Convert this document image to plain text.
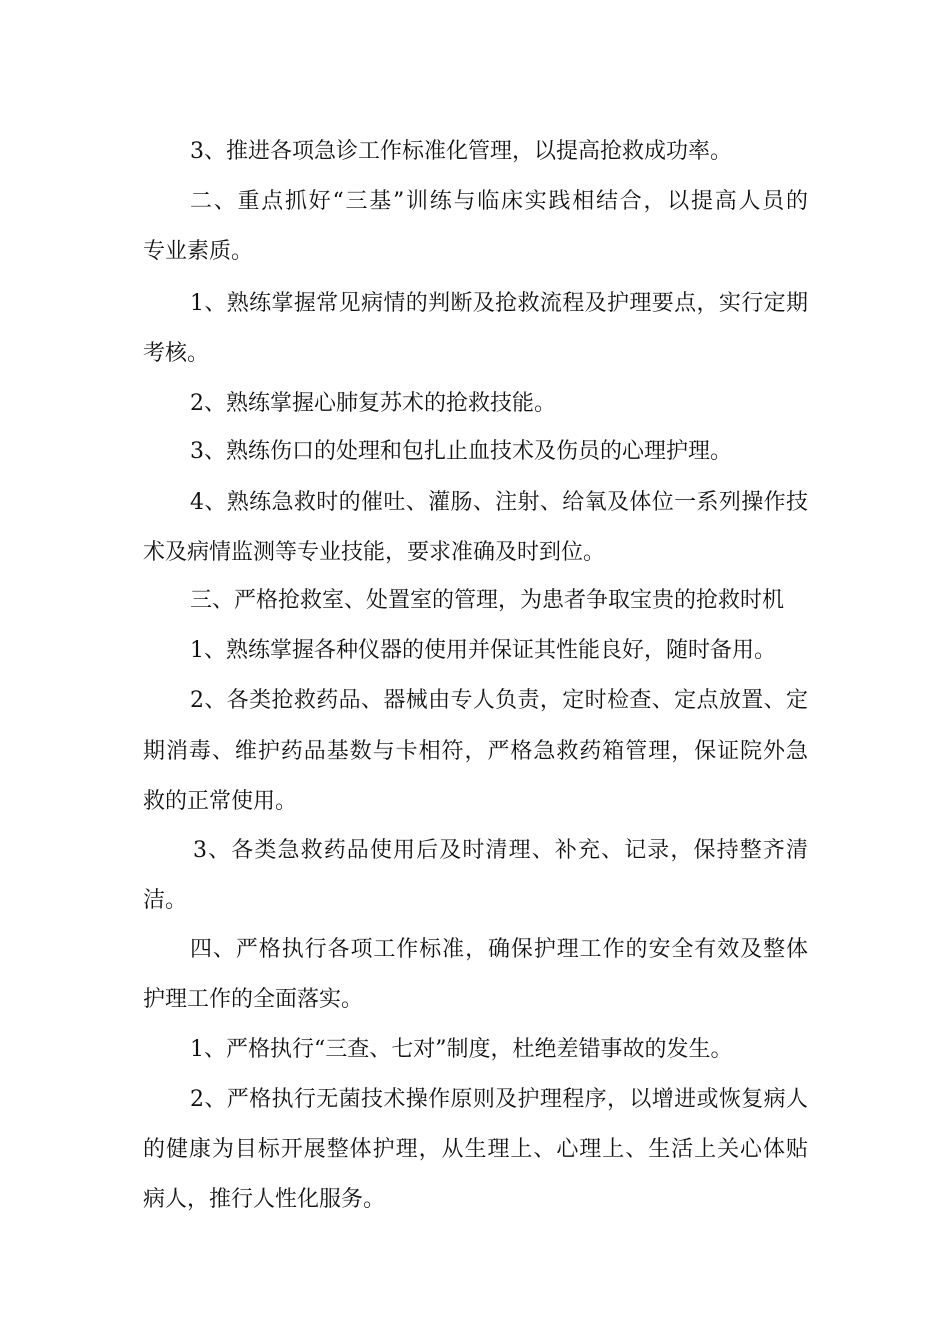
3、推进各项急诊工作标准化管理，以提高抢救成功率。

二、重点抓好“三基”训练与临床实践相结合，以提高人员的

专业素质。

1、熟练掌握常见病情的判断及抢救流程及护理要点，实行定期

考核。

2、熟练掌握心肺复苏术的抢救技能。

3、熟练伤口的处理和包扎止血技术及伤员的心理护理。

4、熟练急救时的催吐、灌肠、注射、给氧及体位一系列操作技

术及病情监测等专业技能，要求准确及时到位。

三、严格抢救室、处置室的管理，为患者争取宝贵的抢救时机

1、熟练掌握各种仪器的使用并保证其性能良好，随时备用。

2、各类抢救药品、器械由专人负责，定时检查、定点放置、定

期消毒、维护药品基数与卡相符，严格急救药箱管理，保证院外急

救的正常使用。

3、各类急救药品使用后及时清理、补充、记录，保持整齐清

洁。

四、严格执行各项工作标准，确保护理工作的安全有效及整体

护理工作的全面落实。

1、严格执行“三查、七对”制度，杜绝差错事故的发生。

2、严格执行无菌技术操作原则及护理程序，以增进或恢复病人

的健康为目标开展整体护理，从生理上、心理上、生活上关心体贴

病人，推行人性化服务。
